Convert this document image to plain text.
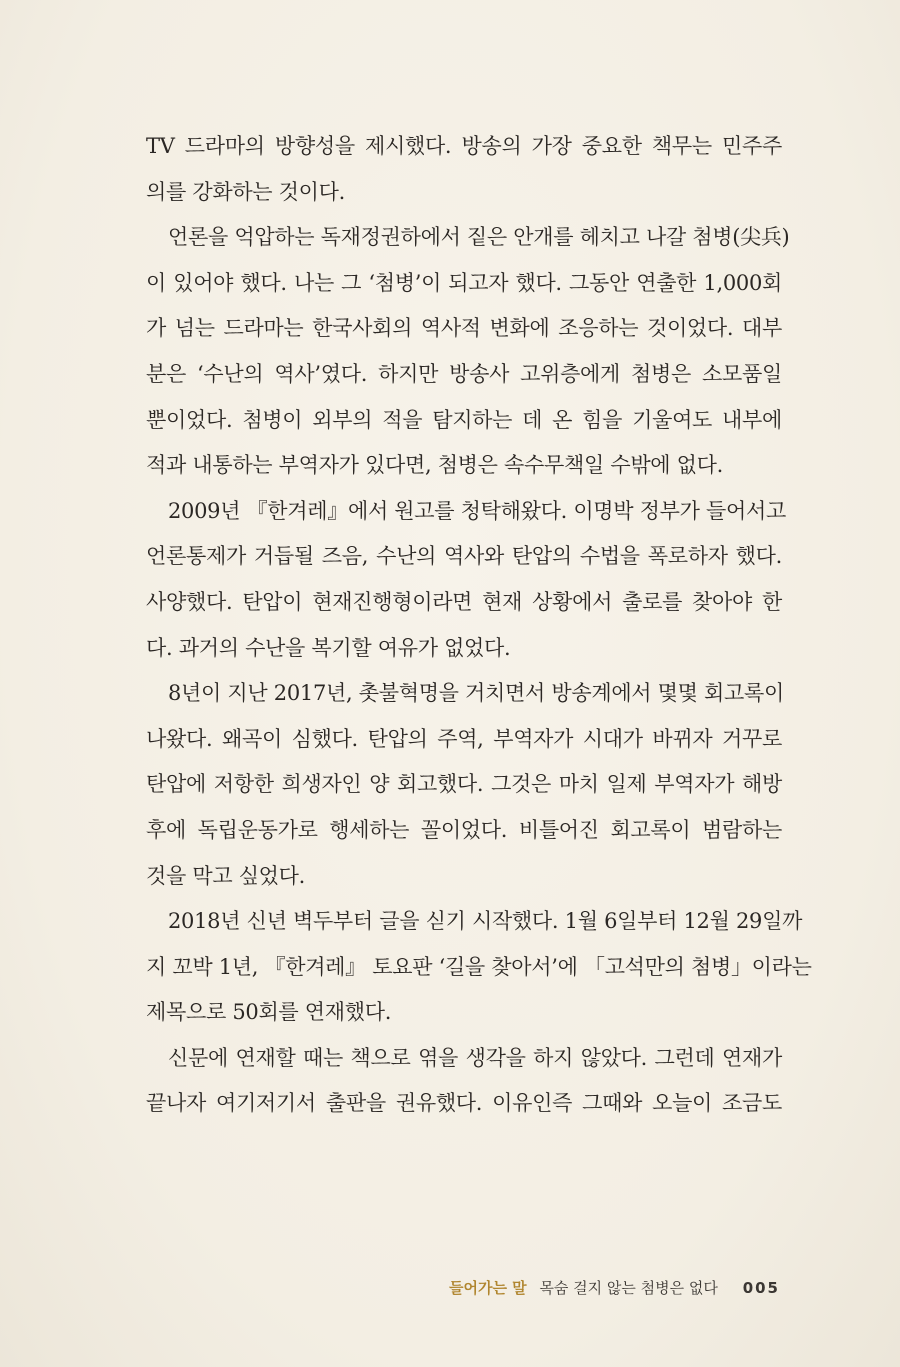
TV 드라마의 방향성을 제시했다. 방송의 가장 중요한 책무는 민주주
의를 강화하는 것이다.
언론을 억압하는 독재정권하에서 짙은 안개를 헤치고 나갈 첨병(尖兵)
이 있어야 했다. 나는 그 ‘첨병’이 되고자 했다. 그동안 연출한 1,000회
가 넘는 드라마는 한국사회의 역사적 변화에 조응하는 것이었다. 대부
분은 ‘수난의 역사’였다. 하지만 방송사 고위층에게 첨병은 소모품일
뿐이었다. 첨병이 외부의 적을 탐지하는 데 온 힘을 기울여도 내부에
적과 내통하는 부역자가 있다면, 첨병은 속수무책일 수밖에 없다.
2009년 『한겨레』에서 원고를 청탁해왔다. 이명박 정부가 들어서고
언론통제가 거듭될 즈음, 수난의 역사와 탄압의 수법을 폭로하자 했다.
사양했다. 탄압이 현재진행형이라면 현재 상황에서 출로를 찾아야 한
다. 과거의 수난을 복기할 여유가 없었다.
8년이 지난 2017년, 촛불혁명을 거치면서 방송계에서 몇몇 회고록이
나왔다. 왜곡이 심했다. 탄압의 주역, 부역자가 시대가 바뀌자 거꾸로
탄압에 저항한 희생자인 양 회고했다. 그것은 마치 일제 부역자가 해방
후에 독립운동가로 행세하는 꼴이었다. 비틀어진 회고록이 범람하는
것을 막고 싶었다.
2018년 신년 벽두부터 글을 싣기 시작했다. 1월 6일부터 12월 29일까
지 꼬박 1년, 『한겨레』 토요판 ‘길을 찾아서’에 「고석만의 첨병」이라는
제목으로 50회를 연재했다.
신문에 연재할 때는 책으로 엮을 생각을 하지 않았다. 그런데 연재가
끝나자 여기저기서 출판을 권유했다. 이유인즉 그때와 오늘이 조금도
들어가는 말 목숨 걸지 않는 첨병은 없다 005
